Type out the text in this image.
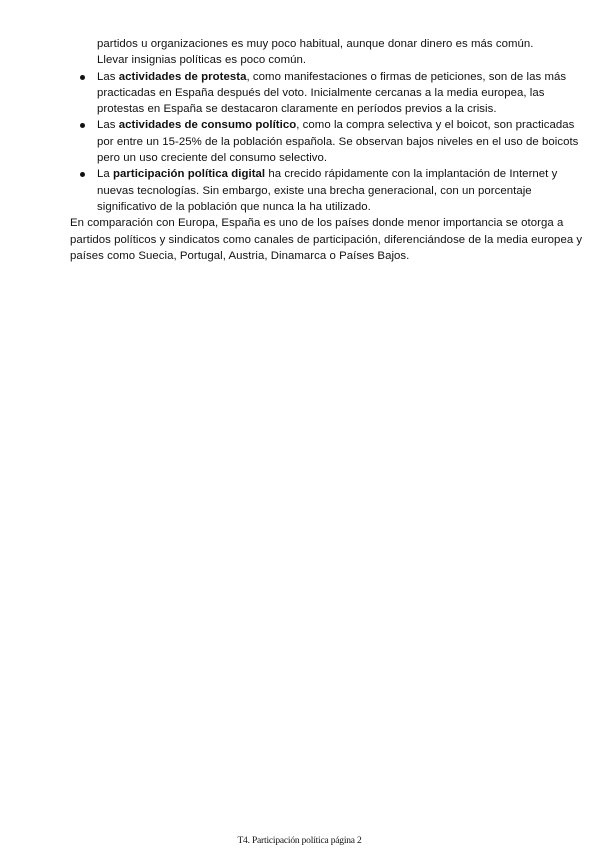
partidos u organizaciones es muy poco habitual, aunque donar dinero es más común.
Llevar insignias políticas es poco común.

Las actividades de protesta, como manifestaciones o firmas de peticiones, son de las más practicadas en España después del voto. Inicialmente cercanas a la media europea, las protestas en España se destacaron claramente en períodos previos a la crisis.
Las actividades de consumo político, como la compra selectiva y el boicot, son practicadas por entre un 15-25% de la población española. Se observan bajos niveles en el uso de boicots pero un uso creciente del consumo selectivo.
La participación política digital ha crecido rápidamente con la implantación de Internet y nuevas tecnologías. Sin embargo, existe una brecha generacional, con un porcentaje significativo de la población que nunca la ha utilizado.

En comparación con Europa, España es uno de los países donde menor importancia se otorga a partidos políticos y sindicatos como canales de participación, diferenciándose de la media europea y países como Suecia, Portugal, Austria, Dinamarca o Países Bajos.

T4. Participación política página 2
